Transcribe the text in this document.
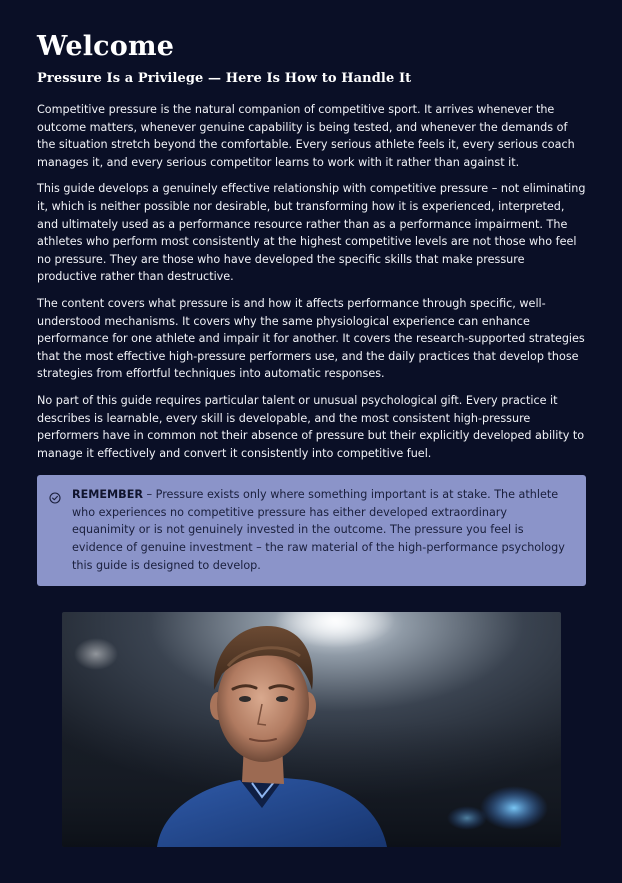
Welcome
Pressure Is a Privilege — Here Is How to Handle It

Competitive pressure is the natural companion of competitive sport. It arrives whenever the outcome matters, whenever genuine capability is being tested, and whenever the demands of the situation stretch beyond the comfortable. Every serious athlete feels it, every serious coach manages it, and every serious competitor learns to work with it rather than against it.

This guide develops a genuinely effective relationship with competitive pressure – not eliminating it, which is neither possible nor desirable, but transforming how it is experienced, interpreted, and ultimately used as a performance resource rather than as a performance impairment. The athletes who perform most consistently at the highest competitive levels are not those who feel no pressure. They are those who have developed the specific skills that make pressure productive rather than destructive.

The content covers what pressure is and how it affects performance through specific, well-understood mechanisms. It covers why the same physiological experience can enhance performance for one athlete and impair it for another. It covers the research-supported strategies that the most effective high-pressure performers use, and the daily practices that develop those strategies from effortful techniques into automatic responses.

No part of this guide requires particular talent or unusual psychological gift. Every practice it describes is learnable, every skill is developable, and the most consistent high-pressure performers have in common not their absence of pressure but their explicitly developed ability to manage it effectively and convert it consistently into competitive fuel.

REMEMBER – Pressure exists only where something important is at stake. The athlete who experiences no competitive pressure has either developed extraordinary equanimity or is not genuinely invested in the outcome. The pressure you feel is evidence of genuine investment – the raw material of the high-performance psychology this guide is designed to develop.
